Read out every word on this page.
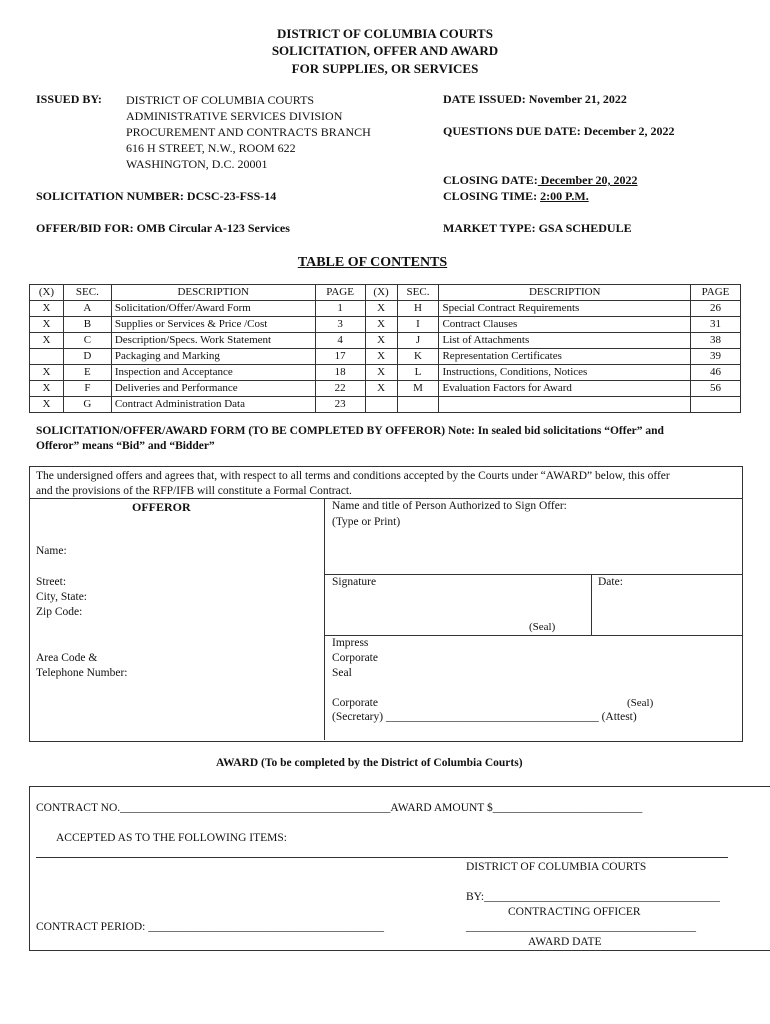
DISTRICT OF COLUMBIA COURTS
SOLICITATION, OFFER AND AWARD
FOR SUPPLIES, OR SERVICES
ISSUED BY: DISTRICT OF COLUMBIA COURTS
ADMINISTRATIVE SERVICES DIVISION
PROCUREMENT AND CONTRACTS BRANCH
616 H STREET, N.W., ROOM 622
WASHINGTON, D.C. 20001
DATE ISSUED: November 21, 2022
QUESTIONS DUE DATE: December 2, 2022
CLOSING DATE: December 20, 2022
CLOSING TIME: 2:00 P.M.
SOLICITATION NUMBER: DCSC-23-FSS-14
OFFER/BID FOR: OMB Circular A-123 Services	MARKET TYPE: GSA SCHEDULE
TABLE OF CONTENTS
(X)	SEC.	DESCRIPTION	PAGE	(X)	SEC.	DESCRIPTION	PAGE
X	A	Solicitation/Offer/Award Form	1	X	H	Special Contract Requirements	26
X	B	Supplies or Services & Price /Cost	3	X	I	Contract Clauses	31
X	C	Description/Specs. Work Statement	4	X	J	List of Attachments	38
	D	Packaging and Marking	17	X	K	Representation Certificates	39
X	E	Inspection and Acceptance	18	X	L	Instructions, Conditions, Notices	46
X	F	Deliveries and Performance	22	X	M	Evaluation Factors for Award	56
X	G	Contract Administration Data	23				
SOLICITATION/OFFER/AWARD FORM (TO BE COMPLETED BY OFFEROR) Note: In sealed bid solicitations “Offer” and
Offeror” means “Bid” and “Bidder”
The undersigned offers and agrees that, with respect to all terms and conditions accepted by the Courts under “AWARD” below, this offer
and the provisions of the RFP/IFB will constitute a Formal Contract.
OFFEROR	Name and title of Person Authorized to Sign Offer:
(Type or Print)
Name:
Street:
City, State:
Zip Code:
Signature	Date:
(Seal)
Area Code &
Telephone Number:
Impress
Corporate
Seal
Corporate	(Seal)
(Secretary) _____________________________________ (Attest)
AWARD (To be completed by the District of Columbia Courts)
CONTRACT NO._______________________________________________AWARD AMOUNT $__________________________
ACCEPTED AS TO THE FOLLOWING ITEMS:
DISTRICT OF COLUMBIA COURTS
BY:_________________________________________
CONTRACTING OFFICER
CONTRACT PERIOD: _________________________________________	________________________________________
AWARD DATE
